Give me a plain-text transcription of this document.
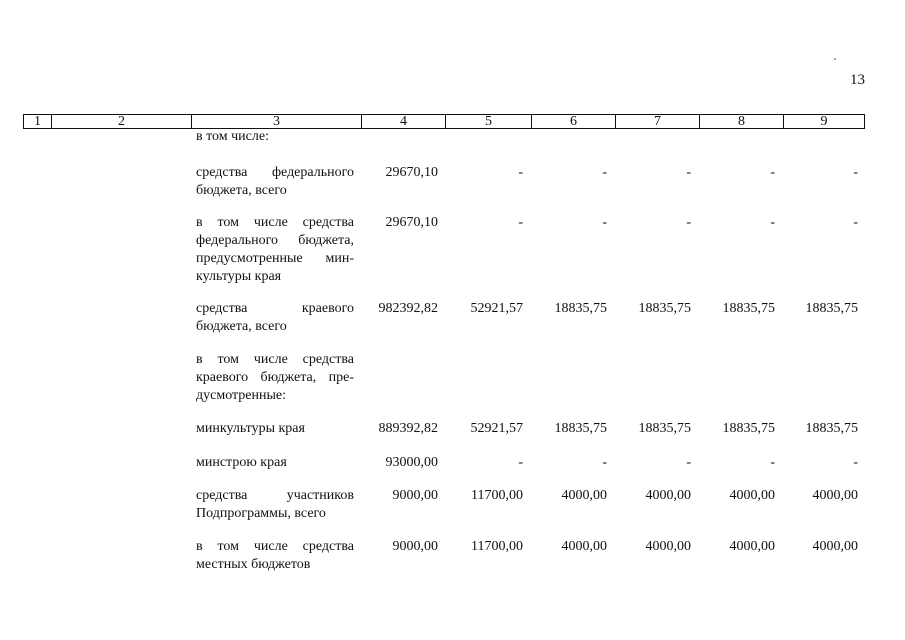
13
1	2	3	4	5	6	7	8	9
в том числе:
средства федерального бюджета, всего
29670,10	-	-	-	-	-
в том числе средства федерального бюджета, предусмотренные мин-культуры края
29670,10	-	-	-	-	-
средства краевого бюджета, всего
982392,82 52921,57 18835,75 18835,75 18835,75 18835,75
в том числе средства краевого бюджета, пре-дусмотренные:
минкультуры края	889392,82 52921,57 18835,75 18835,75 18835,75 18835,75
минстрою края	93000,00	-	-	-	-	-
средства участников Подпрограммы, всего
9000,00 11700,00	4000,00	4000,00	4000,00	4000,00
в том числе средства местных бюджетов
9000,00 11700,00	4000,00	4000,00	4000,00	4000,00
